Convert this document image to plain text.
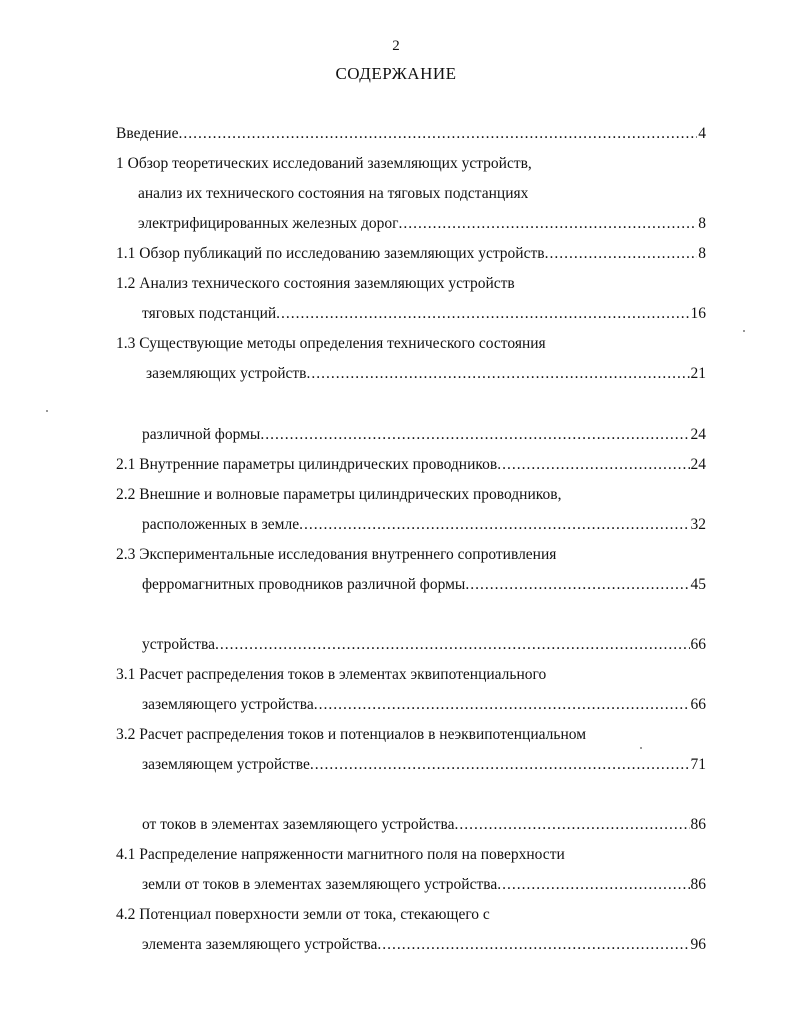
2
СОДЕРЖАНИЕ
Введение .....	4
1 Обзор теоретических исследований заземляющих устройств,
анализ их технического состояния на тяговых подстанциях
электрифицированных железных дорог .....	8
1.1 Обзор публикаций по исследованию заземляющих устройств .....	8
1.2 Анализ технического состояния заземляющих устройств
тяговых подстанций .....	16
1.3 Существующие методы определения технического состояния
заземляющих устройств .....	21

различной формы .....	24
2.1 Внутренние параметры цилиндрических проводников .....	24
2.2 Внешние и волновые параметры цилиндрических проводников,
расположенных в земле .....	32
2.3 Экспериментальные исследования внутреннего сопротивления
ферромагнитных проводников различной формы .....	45

устройства .....	66
3.1 Расчет распределения токов в элементах эквипотенциального
заземляющего устройства .....	66
3.2 Расчет распределения токов и потенциалов в неэквипотенциальном
заземляющем устройстве .....	71

от токов в элементах заземляющего устройства .....	86
4.1 Распределение напряженности магнитного поля на поверхности
земли от токов в элементах заземляющего устройства .....	86
4.2 Потенциал поверхности земли от тока, стекающего с
элемента заземляющего устройства .....	96
